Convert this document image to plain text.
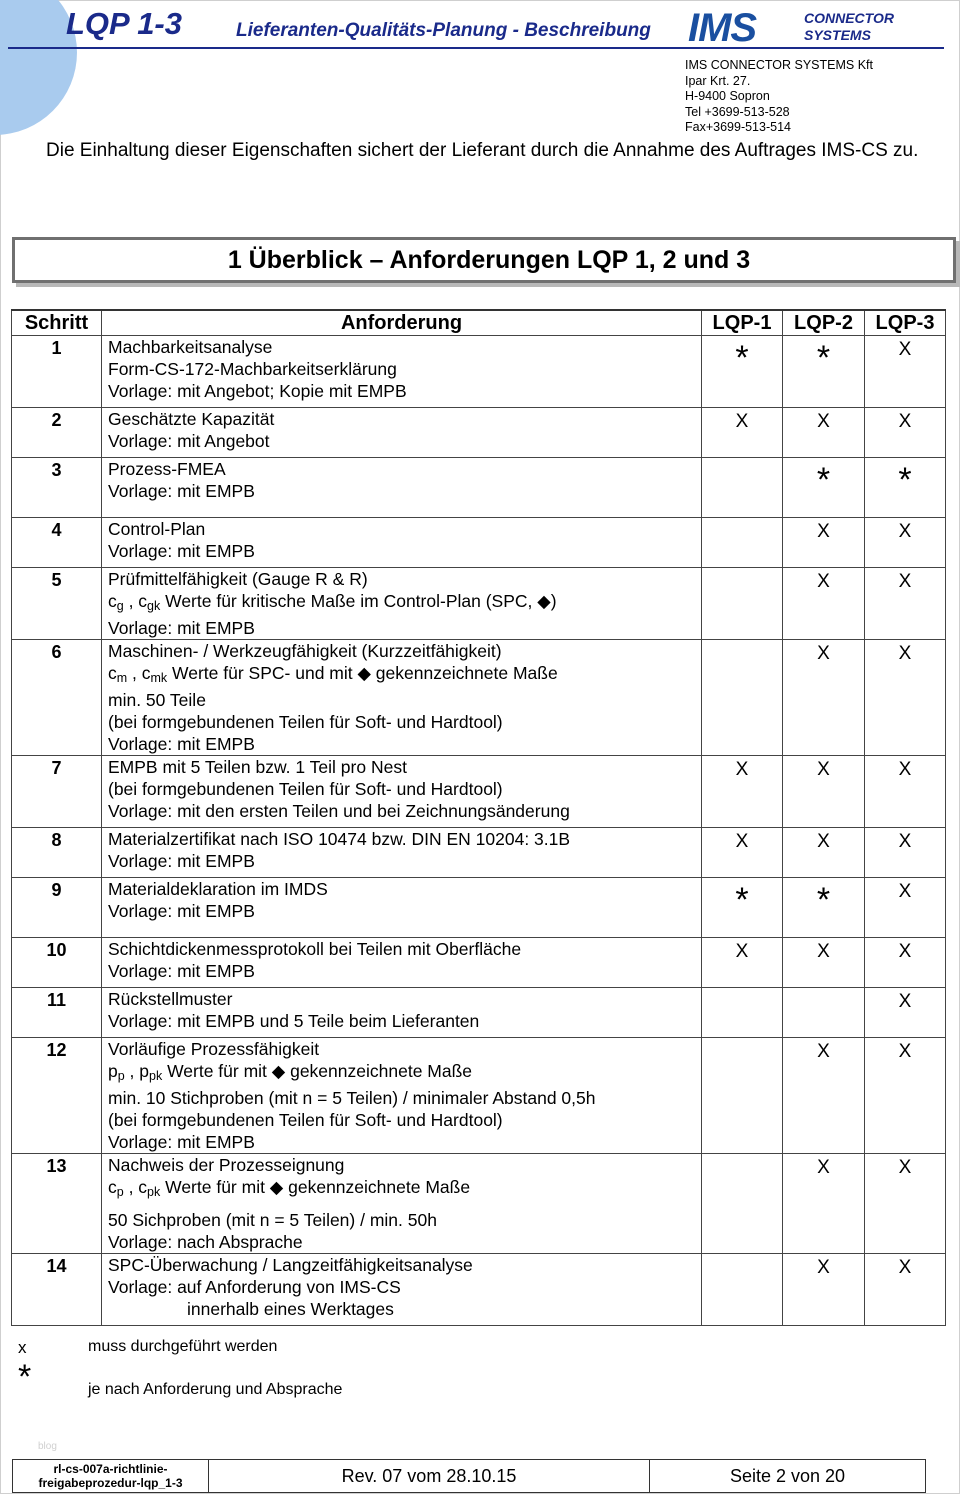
LQP 1-3	Lieferanten-Qualitäts-Planung - Beschreibung IMS	CONNECTOR
SYSTEMS
IMS CONNECTOR SYSTEMS Kft
Ipar Krt. 27.
H-9400 Sopron
Tel +3699-513-528
Fax+3699-513-514
Die Einhaltung dieser Eigenschaften sichert der Lieferant durch die Annahme des Auftrages IMS-CS zu.
1 Überblick – Anforderungen LQP 1, 2 und 3
Schritt	Anforderung	LQP-1	LQP-2	LQP-3
1	Machbarkeitsanalyse
Form-CS-172-Machbarkeitserklärung
Vorlage: mit Angebot; Kopie mit EMPB	*	*	X
2	Geschätzte Kapazität
Vorlage: mit Angebot	X	X	X
3	Prozess-FMEA
Vorlage: mit EMPB		*	*
4	Control-Plan
Vorlage: mit EMPB		X	X
5	Prüfmittelfähigkeit (Gauge R & R)
$c_g$ , $c_{gk}$ Werte für kritische Maße im Control-Plan (SPC, ◆)
Vorlage: mit EMPB		X	X
6	Maschinen- / Werkzeugfähigkeit (Kurzzeitfähigkeit)
$c_m$ , $c_{mk}$ Werte für SPC- und mit ◆ gekennzeichnete Maße
min. 50 Teile
(bei formgebundenen Teilen für Soft- und Hardtool)
Vorlage: mit EMPB		X	X
7	EMPB mit 5 Teilen bzw. 1 Teil pro Nest
(bei formgebundenen Teilen für Soft- und Hardtool)
Vorlage: mit den ersten Teilen und bei Zeichnungsänderung	X	X	X
8	Materialzertifikat nach ISO 10474 bzw. DIN EN 10204: 3.1B
Vorlage: mit EMPB	X	X	X
9	Materialdeklaration im IMDS
Vorlage: mit EMPB	*	*	X
10	Schichtdickenmessprotokoll bei Teilen mit Oberfläche
Vorlage: mit EMPB	X	X	X
11	Rückstellmuster
Vorlage: mit EMPB und 5 Teile beim Lieferanten			X
12	Vorläufige Prozessfähigkeit
$p_p$ , $p_{pk}$ Werte für mit ◆ gekennzeichnete Maße
min. 10 Stichproben (mit n = 5 Teilen) / minimaler Abstand 0,5h
(bei formgebundenen Teilen für Soft- und Hardtool)
Vorlage: mit EMPB		X	X
13	Nachweis der Prozesseignung
$c_p$ , $c_{pk}$ Werte für mit ◆ gekennzeichnete Maße
50 Sichproben (mit n = 5 Teilen) / min. 50h
Vorlage: nach Absprache		X	X
14	SPC-Überwachung / Langzeitfähigkeitsanalyse
Vorlage: auf Anforderung von IMS-CS
innerhalb eines Werktages		X	X
x	muss durchgeführt werden
*	je nach Anforderung und Absprache
blog
rl-cs-007a-richtlinie-
freigabeprozedur-lqp_1-3	Rev. 07 vom 28.10.15	Seite 2 von 20
